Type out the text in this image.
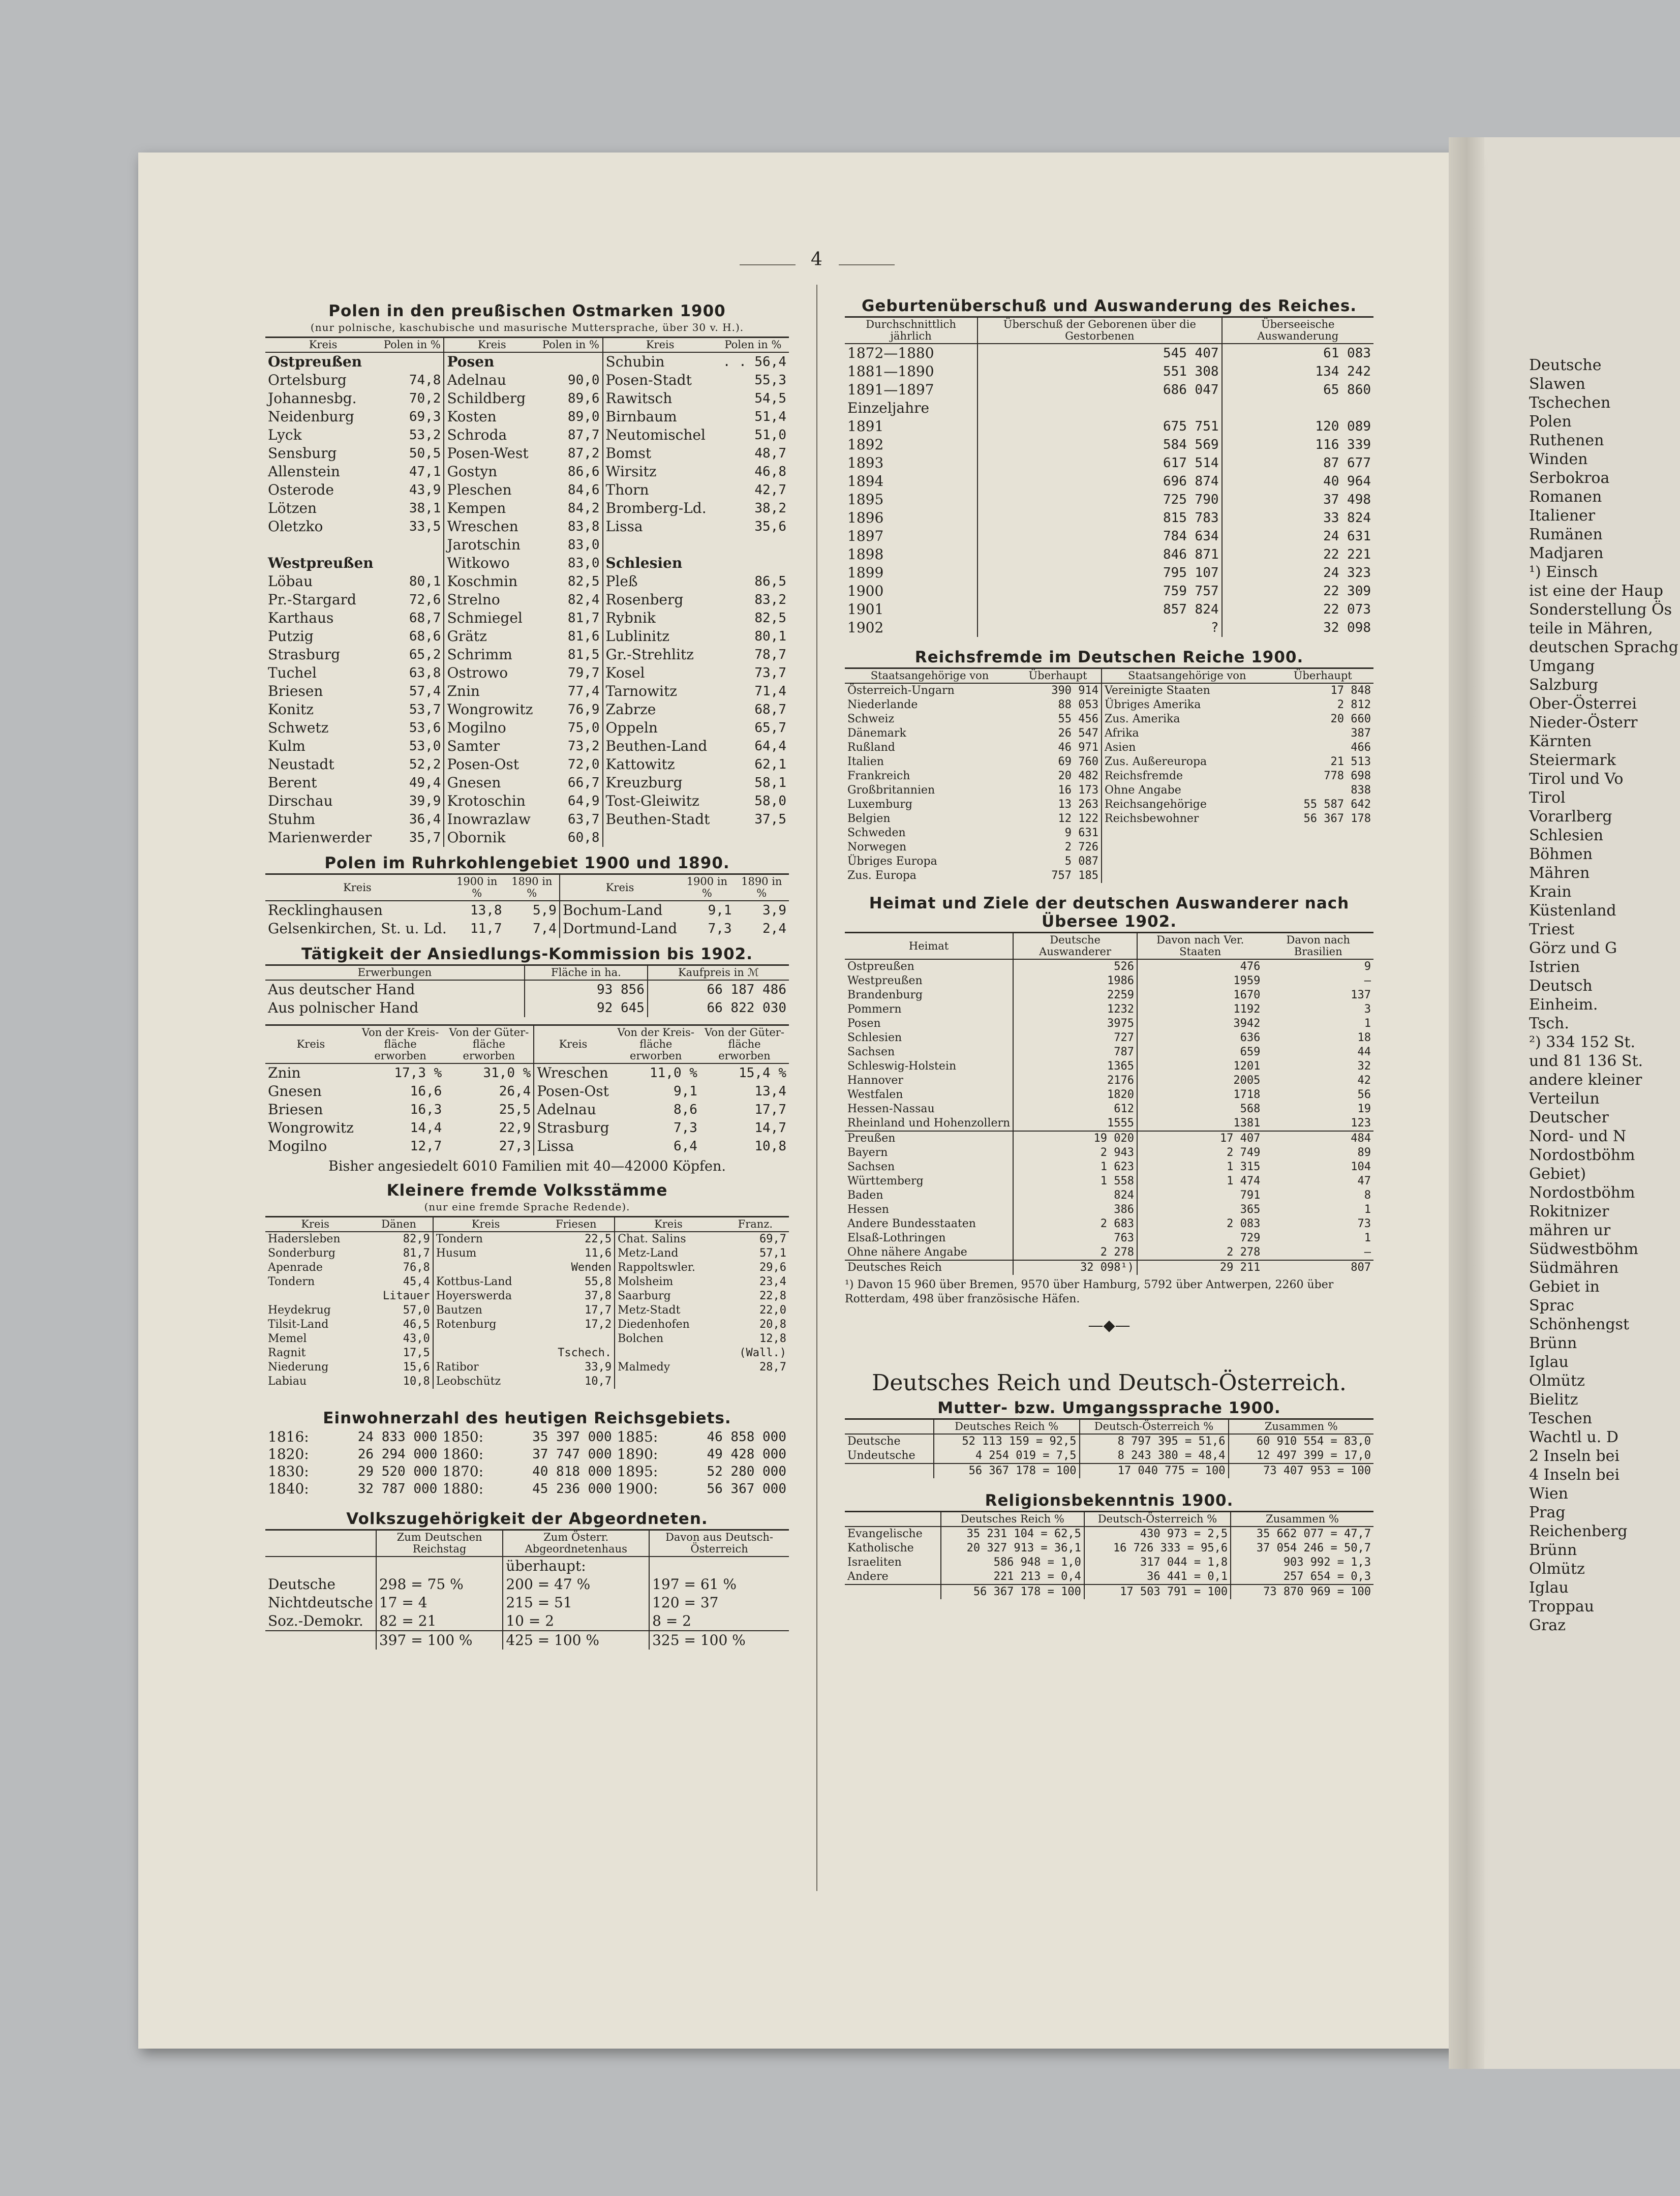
4
Polen in den preußischen Ostmarken 1900
(nur polnische, kaschubische und masurische Muttersprache, über 30 v. H.).
Kreis	Polen in %	Kreis	Polen in %	Kreis	Polen in %
Ostpreußen		Posen		Schubin	. . 56,4
Ortelsburg	74,8	Adelnau	90,0	Posen-Stadt	55,3
Johannesbg.	70,2	Schildberg	89,6	Rawitsch	54,5
Neidenburg	69,3	Kosten	89,0	Birnbaum	51,4
Lyck	53,2	Schroda	87,7	Neutomischel	51,0
Sensburg	50,5	Posen-West	87,2	Bomst	48,7
Allenstein	47,1	Gostyn	86,6	Wirsitz	46,8
Osterode	43,9	Pleschen	84,6	Thorn	42,7
Lötzen	38,1	Kempen	84,2	Bromberg-Ld.	38,2
Oletzko	33,5	Wreschen	83,8	Lissa	35,6
		Jarotschin	83,0		
Westpreußen		Witkowo	83,0	Schlesien	
Löbau	80,1	Koschmin	82,5	Pleß	86,5
Pr.-Stargard	72,6	Strelno	82,4	Rosenberg	83,2
Karthaus	68,7	Schmiegel	81,7	Rybnik	82,5
Putzig	68,6	Grätz	81,6	Lublinitz	80,1
Strasburg	65,2	Schrimm	81,5	Gr.-Strehlitz	78,7
Tuchel	63,8	Ostrowo	79,7	Kosel	73,7
Briesen	57,4	Znin	77,4	Tarnowitz	71,4
Konitz	53,7	Wongrowitz	76,9	Zabrze	68,7
Schwetz	53,6	Mogilno	75,0	Oppeln	65,7
Kulm	53,0	Samter	73,2	Beuthen-Land	64,4
Neustadt	52,2	Posen-Ost	72,0	Kattowitz	62,1
Berent	49,4	Gnesen	66,7	Kreuzburg	58,1
Dirschau	39,9	Krotoschin	64,9	Tost-Gleiwitz	58,0
Stuhm	36,4	Inowrazlaw	63,7	Beuthen-Stadt	37,5
Marienwerder	35,7	Obornik	60,8		
Polen im Ruhrkohlengebiet 1900 und 1890.
Kreis	1900 in %	1890 in %	Kreis	1900 in %	1890 in %
Recklinghausen	13,8	5,9	Bochum-Land	9,1	3,9
Gelsenkirchen, St. u. Ld.	11,7	7,4	Dortmund-Land	7,3	2,4
Tätigkeit der Ansiedlungs-Kommission bis 1902.
Erwerbungen	Fläche in ha.	Kaufpreis in ℳ
Aus deutscher Hand	93 856	66 187 486
Aus polnischer Hand	92 645	66 822 030
Kreis	Von der Kreis-fläche erworben	Von der Güter-fläche erworben	Kreis	Von der Kreis-fläche erworben	Von der Güter-fläche erworben
Znin	17,3 %	31,0 %	Wreschen	11,0 %	15,4 %
Gnesen	16,6	26,4	Posen-Ost	9,1	13,4
Briesen	16,3	25,5	Adelnau	8,6	17,7
Wongrowitz	14,4	22,9	Strasburg	7,3	14,7
Mogilno	12,7	27,3	Lissa	6,4	10,8
Bisher angesiedelt 6010 Familien mit 40—42000 Köpfen.
Kleinere fremde Volksstämme
(nur eine fremde Sprache Redende).
Kreis	Dänen	Kreis	Friesen	Kreis	Franz.
Hadersleben	82,9	Tondern	22,5	Chat. Salins	69,7
Sonderburg	81,7	Husum	11,6	Metz-Land	57,1
Apenrade	76,8		Wenden	Rappoltswler.	29,6
Tondern	45,4	Kottbus-Land	55,8	Molsheim	23,4
	Litauer	Hoyerswerda	37,8	Saarburg	22,8
Heydekrug	57,0	Bautzen	17,7	Metz-Stadt	22,0
Tilsit-Land	46,5	Rotenburg	17,2	Diedenhofen	20,8
Memel	43,0			Bolchen	12,8
Ragnit	17,5		Tschech.		(Wall.)
Niederung	15,6	Ratibor	33,9	Malmedy	28,7
Labiau	10,8	Leobschütz	10,7		
Einwohnerzahl des heutigen Reichsgebiets.
1816:	24 833 000	1850:	35 397 000	1885:	46 858 000
1820:	26 294 000	1860:	37 747 000	1890:	49 428 000
1830:	29 520 000	1870:	40 818 000	1895:	52 280 000
1840:	32 787 000	1880:	45 236 000	1900:	56 367 000
Volkszugehörigkeit der Abgeordneten.
	Zum Deutschen Reichstag	Zum Österr. Abgeordnetenhaus	Davon aus Deutsch-Österreich
		überhaupt:	
Deutsche	298 = 75 %	200 = 47 %	197 = 61 %
Nichtdeutsche	17 = 4	215 = 51	120 = 37
Soz.-Demokr.	82 = 21	10 = 2	8 = 2
	397 = 100 %	425 = 100 %	325 = 100 %
Geburtenüberschuß und Auswanderung des Reiches.
Durchschnittlich jährlich	Überschuß der Geborenen über die Gestorbenen	Überseeische Auswanderung
1872—1880	545 407	61 083
1881—1890	551 308	134 242
1891—1897	686 047	65 860
Einzeljahre		
1891	675 751	120 089
1892	584 569	116 339
1893	617 514	87 677
1894	696 874	40 964
1895	725 790	37 498
1896	815 783	33 824
1897	784 634	24 631
1898	846 871	22 221
1899	795 107	24 323
1900	759 757	22 309
1901	857 824	22 073
1902	?	32 098
Reichsfremde im Deutschen Reiche 1900.
Staatsangehörige von	Überhaupt	Staatsangehörige von	Überhaupt
Österreich-Ungarn	390 914	Vereinigte Staaten	17 848
Niederlande	88 053	Übriges Amerika	2 812
Schweiz	55 456	Zus. Amerika	20 660
Dänemark	26 547	Afrika	387
Rußland	46 971	Asien	466
Italien	69 760	Zus. Außereuropa	21 513
Frankreich	20 482	Reichsfremde	778 698
Großbritannien	16 173	Ohne Angabe	838
Luxemburg	13 263	Reichsangehörige	55 587 642
Belgien	12 122	Reichsbewohner	56 367 178
Schweden	9 631		
Norwegen	2 726		
Übriges Europa	5 087		
Zus. Europa	757 185		
Heimat und Ziele der deutschen Auswanderer nach Übersee 1902.
Heimat	Deutsche Auswanderer	Davon nach Ver. Staaten	Davon nach Brasilien
Ostpreußen	526	476	9
Westpreußen	1986	1959	—
Brandenburg	2259	1670	137
Pommern	1232	1192	3
Posen	3975	3942	1
Schlesien	727	636	18
Sachsen	787	659	44
Schleswig-Holstein	1365	1201	32
Hannover	2176	2005	42
Westfalen	1820	1718	56
Hessen-Nassau	612	568	19
Rheinland und Hohenzollern	1555	1381	123
Preußen	19 020	17 407	484
Bayern	2 943	2 749	89
Sachsen	1 623	1 315	104
Württemberg	1 558	1 474	47
Baden	824	791	8
Hessen	386	365	1
Andere Bundesstaaten	2 683	2 083	73
Elsaß-Lothringen	763	729	1
Ohne nähere Angabe	2 278	2 278	—
Deutsches Reich	32 098¹)	29 211	807
¹) Davon 15 960 über Bremen, 9570 über Hamburg, 5792 über Antwerpen, 2260 über Rotterdam, 498 über französische Häfen.
—◆—
Deutsches Reich und Deutsch-Österreich.
Mutter- bzw. Umgangssprache 1900.
	Deutsches Reich %	Deutsch-Österreich %	Zusammen %
Deutsche	52 113 159 = 92,5	8 797 395 = 51,6	60 910 554 = 83,0
Undeutsche	4 254 019 = 7,5	8 243 380 = 48,4	12 497 399 = 17,0
	56 367 178 = 100	17 040 775 = 100	73 407 953 = 100
Religionsbekenntnis 1900.
	Deutsches Reich %	Deutsch-Österreich %	Zusammen %
Evangelische	35 231 104 = 62,5	430 973 = 2,5	35 662 077 = 47,7
Katholische	20 327 913 = 36,1	16 726 333 = 95,6	37 054 246 = 50,7
Israeliten	586 948 = 1,0	317 044 = 1,8	903 992 = 1,3
Andere	221 213 = 0,4	36 441 = 0,1	257 654 = 0,3
	56 367 178 = 100	17 503 791 = 100	73 870 969 = 100
Deutsche
Slawen
Tschechen
Polen
Ruthenen
Winden
Serbokroa
Romanen
Italiener
Rumänen
Madjaren
¹) Einsch
ist eine der Haup
Sonderstellung Ös
teile in Mähren,
deutschen Sprachg
Umgang
Salzburg
Ober-Österrei
Nieder-Österr
Kärnten
Steiermark
Tirol und Vo
Tirol
Vorarlberg
Schlesien
Böhmen
Mähren
Krain
Küstenland
Triest
Görz und G
Istrien
Deutsch
Einheim.
Tsch.
²) 334 152 St.
und 81 136 St.
andere kleiner
Verteilun
Deutscher
Nord- und N
Nordostböhm
Gebiet)
Nordostböhm
Rokitnizer
mähren ur
Südwestböhm
Südmähren
Gebiet in
Sprac
Schönhengst
Brünn
Iglau
Olmütz
Bielitz
Teschen
Wachtl u. D
2 Inseln bei
4 Inseln bei
Wien
Prag
Reichenberg
Brünn
Olmütz
Iglau
Troppau
Graz
